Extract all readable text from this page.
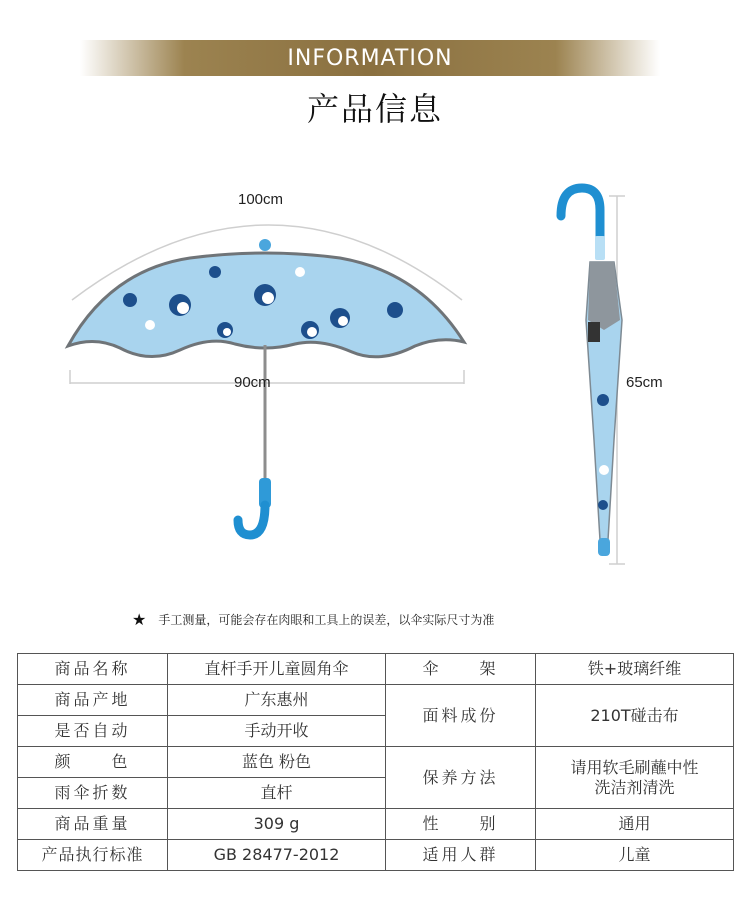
INFORMATION
产品信息
100cm
90cm	65cm
★ 手工测量，可能会存在肉眼和工具上的误差，以伞实际尺寸为准
商品名称	直杆手开儿童圆角伞	伞　　架	铁+玻璃纤维
商品产地	广东惠州	面料成份	210T碰击布
是否自动	手动开收		
颜　　色	蓝色 粉色	保养方法	请用软毛刷蘸中性洗洁剂清洗
雨伞折数	直杆		
商品重量	309 g	性　　别	通用
产品执行标准	GB 28477-2012	适用人群	儿童
